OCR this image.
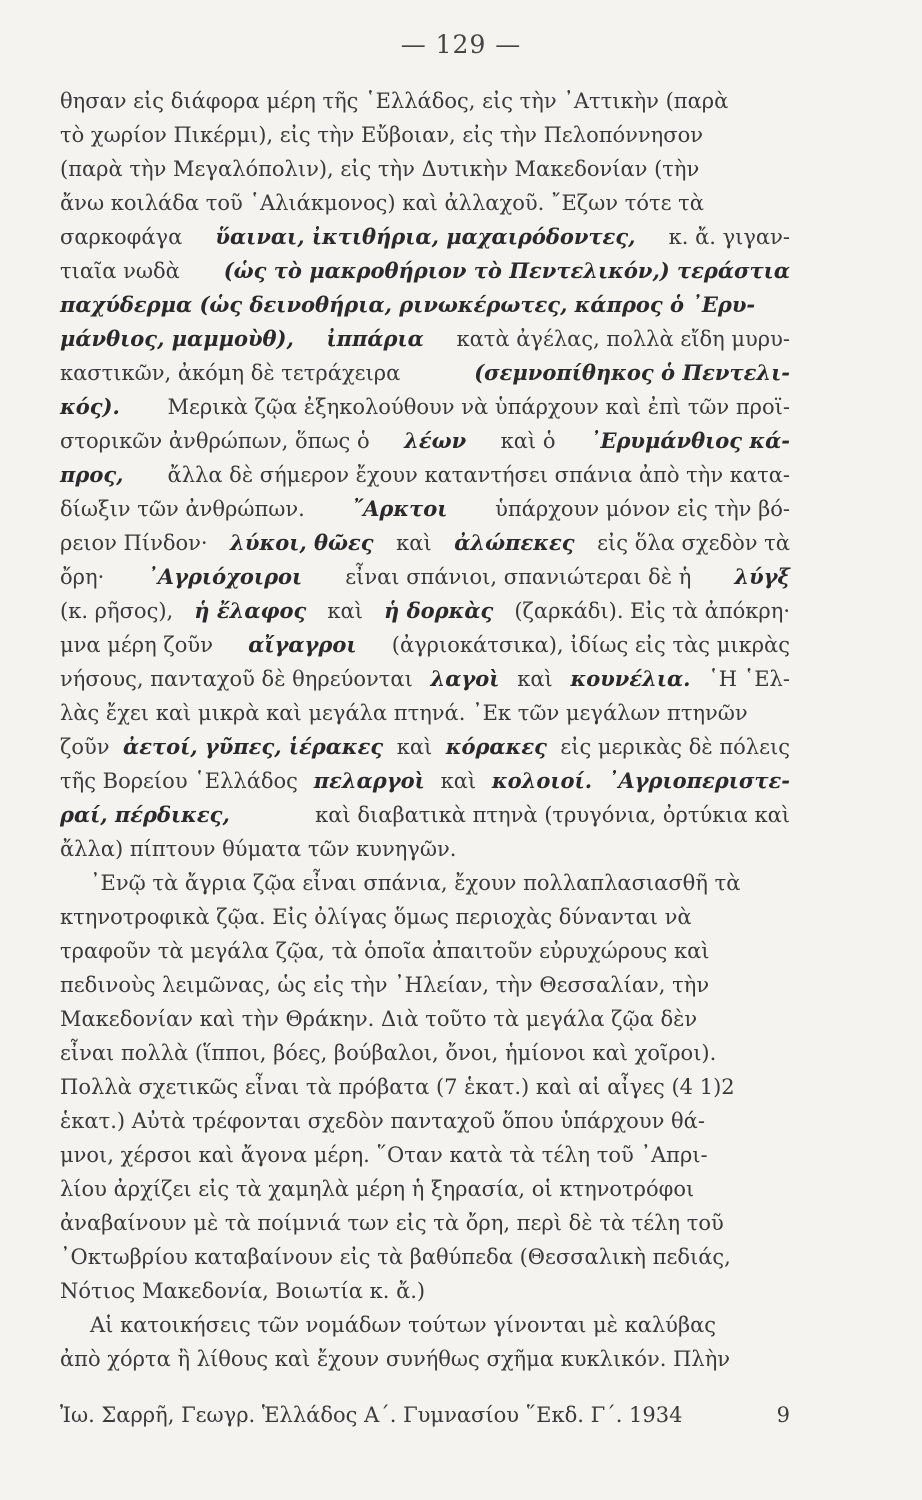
— 129 —
θησαν εἰς διάφορα μέρη τῆς ῾Ελλάδος, εἰς τὴν ᾿Αττικὴν (παρὰ
τὸ χωρίον Πικέρμι), εἰς τὴν Εὔβοιαν, εἰς τὴν Πελοπόννησον
(παρὰ τὴν Μεγαλόπολιν), εἰς τὴν Δυτικὴν Μακεδονίαν (τὴν
ἄνω κοιλάδα τοῦ ῾Αλιάκμονος) καὶ ἀλλαχοῦ. ῎Εζων τότε τὰ
σαρκοφάγα ὕαιναι, ἰκτιθήρια, μαχαιρόδοντες, κ. ἄ. γιγαν-
τιαῖα νωδὰ (ὡς τὸ μακροθήριον τὸ Πεντελικόν,) τεράστια
παχύδερμα (ὡς δεινοθήρια, ρινωκέρωτες, κάπρος ὁ ᾿Ερυ-
μάνθιος, μαμμοὺθ), ἰππάρια κατὰ ἀγέλας, πολλὰ εἴδη μυρυ-
καστικῶν, ἀκόμη δὲ τετράχειρα	(σεμνοπίθηκος ὁ Πεντελι-
κός). Μερικὰ ζῷα ἐξηκολούθουν νὰ ὑπάρχουν καὶ ἐπὶ τῶν προϊ-
στορικῶν ἀνθρώπων, ὅπως ὁ λέων καὶ ὁ ᾿Ερυμάνθιος κά-
προς, ἄλλα δὲ σήμερον ἔχουν καταντήσει σπάνια ἀπὸ τὴν κατα-
δίωξιν τῶν ἀνθρώπων. ῎Αρκτοι ὑπάρχουν μόνον εἰς τὴν βό-
ρειον Πίνδον· λύκοι, θῶες καὶ ἀλώπεκες εἰς ὅλα σχεδὸν τὰ
ὄρη· ᾿Αγριόχοιροι εἶναι σπάνιοι, σπανιώτεραι δὲ ἡ λύγξ
(κ. ρῆσος), ἡ ἔλαφος καὶ ἡ δορκὰς (ζαρκάδι). Εἰς τὰ ἀπόκρη·
μνα μέρη ζοῦν αἴγαγροι (ἀγριοκάτσικα), ἰδίως εἰς τὰς μικρὰς
νήσους, πανταχοῦ δὲ θηρεύονται λαγοὶ καὶ κουνέλια. ῾Η ῾Ελ-
λὰς ἔχει καὶ μικρὰ καὶ μεγάλα πτηνά. ᾿Εκ τῶν μεγάλων πτηνῶν
ζοῦν ἀετοί, γῦπες, ἱέρακες καὶ κόρακες εἰς μερικὰς δὲ πόλεις
τῆς Βορείου ῾Ελλάδος πελαργοὶ καὶ κολοιοί. ᾿Αγριοπεριστε-
ραί, πέρδικες,	καὶ διαβατικὰ πτηνὰ (τρυγόνια, ὀρτύκια καὶ
ἄλλα) πίπτουν θύματα τῶν κυνηγῶν.
᾿Ενῷ τὰ ἄγρια ζῷα εἶναι σπάνια, ἔχουν πολλαπλασιασθῆ τὰ
κτηνοτροφικὰ ζῷα. Εἰς ὀλίγας ὅμως περιοχὰς δύνανται νὰ
τραφοῦν τὰ μεγάλα ζῷα, τὰ ὁποῖα ἀπαιτοῦν εὐρυχώρους καὶ
πεδινοὺς λειμῶνας, ὡς εἰς τὴν ᾿Ηλείαν, τὴν Θεσσαλίαν, τὴν
Μακεδονίαν καὶ τὴν Θράκην. Διὰ τοῦτο τὰ μεγάλα ζῷα δὲν
εἶναι πολλὰ (ἵπποι, βόες, βούβαλοι, ὄνοι, ἡμίονοι καὶ χοῖροι).
Πολλὰ σχετικῶς εἶναι τὰ πρόβατα (7 ἑκατ.) καὶ αἱ αἶγες (4 1)2
ἑκατ.) Αὐτὰ τρέφονται σχεδὸν πανταχοῦ ὅπου ὑπάρχουν θά-
μνοι, χέρσοι καὶ ἄγονα μέρη. ῞Οταν κατὰ τὰ τέλη τοῦ ᾿Απρι-
λίου ἀρχίζει εἰς τὰ χαμηλὰ μέρη ἡ ξηρασία, οἱ κτηνοτρόφοι
ἀναβαίνουν μὲ τὰ ποίμνιά των εἰς τὰ ὄρη, περὶ δὲ τὰ τέλη τοῦ
᾿Οκτωβρίου καταβαίνουν εἰς τὰ βαθύπεδα (Θεσσαλικὴ πεδιάς,
Νότιος Μακεδονία, Βοιωτία κ. ἄ.)
Αἱ κατοικήσεις τῶν νομάδων τούτων γίνονται μὲ καλύβας
ἀπὸ χόρτα ἢ λίθους καὶ ἔχουν συνήθως σχῆμα κυκλικόν. Πλὴν
Ἰω. Σαρρῆ, Γεωγρ. Ἑλλάδος Α΄. Γυμνασίου ῞Εκδ. Γ΄. 1934	9
